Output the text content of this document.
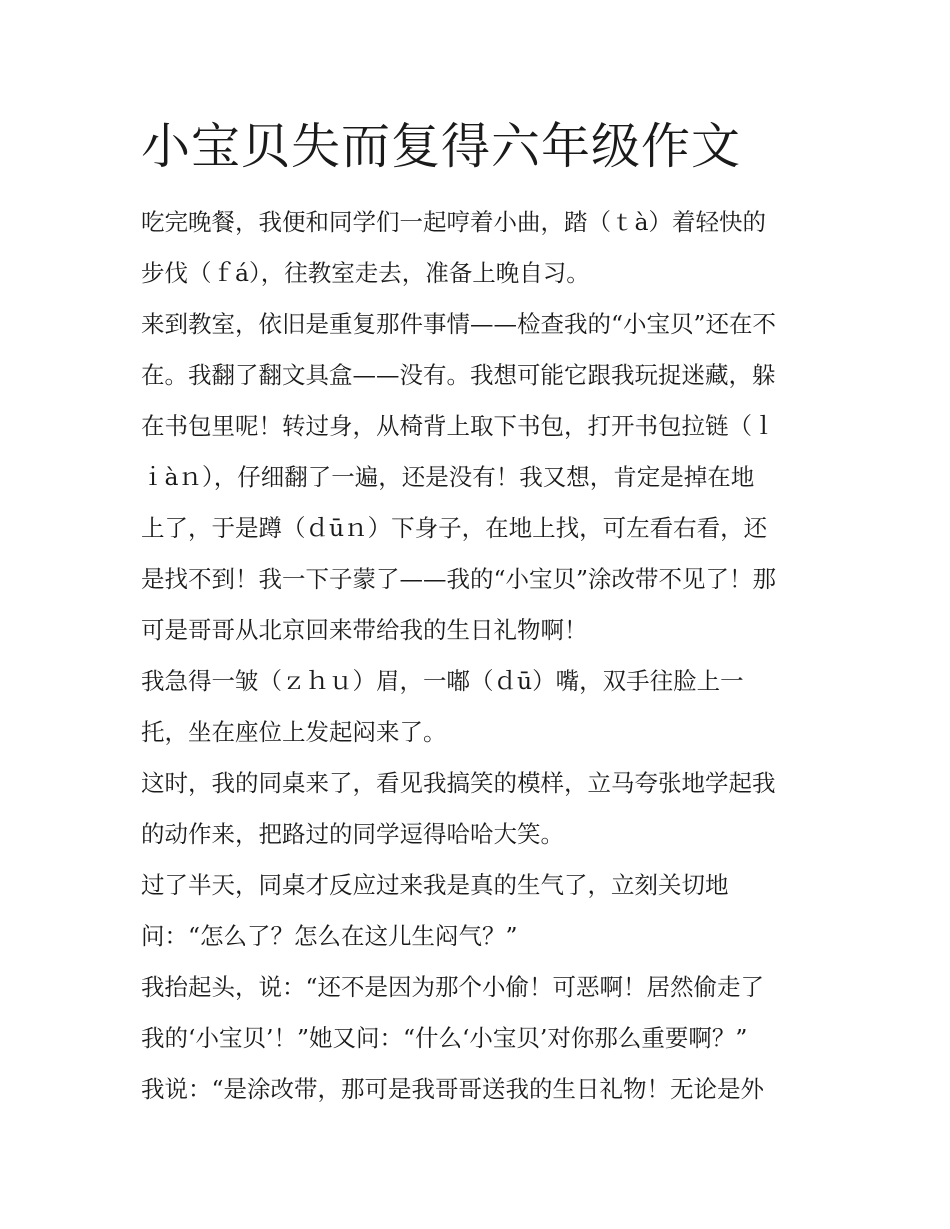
小宝贝失而复得六年级作文
吃完晚餐，我便和同学们一起哼着小曲，踏（ｔà）着轻快的
步伐（ｆá），往教室走去，准备上晚自习。
来到教室，依旧是重复那件事情——检查我的“小宝贝”还在不
在。我翻了翻文具盒——没有。我想可能它跟我玩捉迷藏，躲
在书包里呢！转过身，从椅背上取下书包，打开书包拉链（ｌ
ｉàｎ），仔细翻了一遍，还是没有！我又想，肯定是掉在地
上了，于是蹲（ｄūｎ）下身子，在地上找，可左看右看，还
是找不到！我一下子蒙了——我的“小宝贝”涂改带不见了！那
可是哥哥从北京回来带给我的生日礼物啊！
我急得一皱（ｚｈｕ）眉，一嘟（ｄū）嘴，双手往脸上一
托，坐在座位上发起闷来了。
这时，我的同桌来了，看见我搞笑的模样，立马夸张地学起我
的动作来，把路过的同学逗得哈哈大笑。
过了半天，同桌才反应过来我是真的生气了，立刻关切地
问：“怎么了？怎么在这儿生闷气？”
我抬起头，说：“还不是因为那个小偷！可恶啊！居然偷走了
我的‘小宝贝’！”她又问：“什么‘小宝贝’对你那么重要啊？”
我说：“是涂改带，那可是我哥哥送我的生日礼物！无论是外
